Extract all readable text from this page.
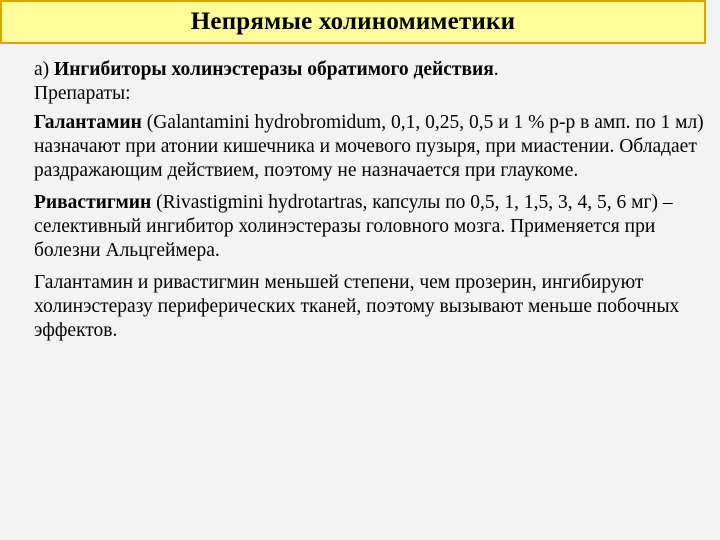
Непрямые холиномиметики

а) Ингибиторы холинэстеразы обратимого действия.
Препараты:

Галантамин (Galantamini hydrobromidum, 0,1, 0,25, 0,5 и 1 % р-р в амп. по 1 мл) назначают при атонии кишечника и мочевого пузыря, при миастении. Обладает раздражающим действием, поэтому не назначается при глаукоме.

Ривастигмин (Rivastigmini hydrotartras, капсулы по 0,5, 1, 1,5, 3, 4, 5, 6 мг) – селективный ингибитор холинэстеразы головного мозга. Применяется при болезни Альцгеймера.

Галантамин и ривастигмин меньшей степени, чем прозерин, ингибируют холинэстеразу периферических тканей, поэтому вызывают меньше побочных эффектов.
